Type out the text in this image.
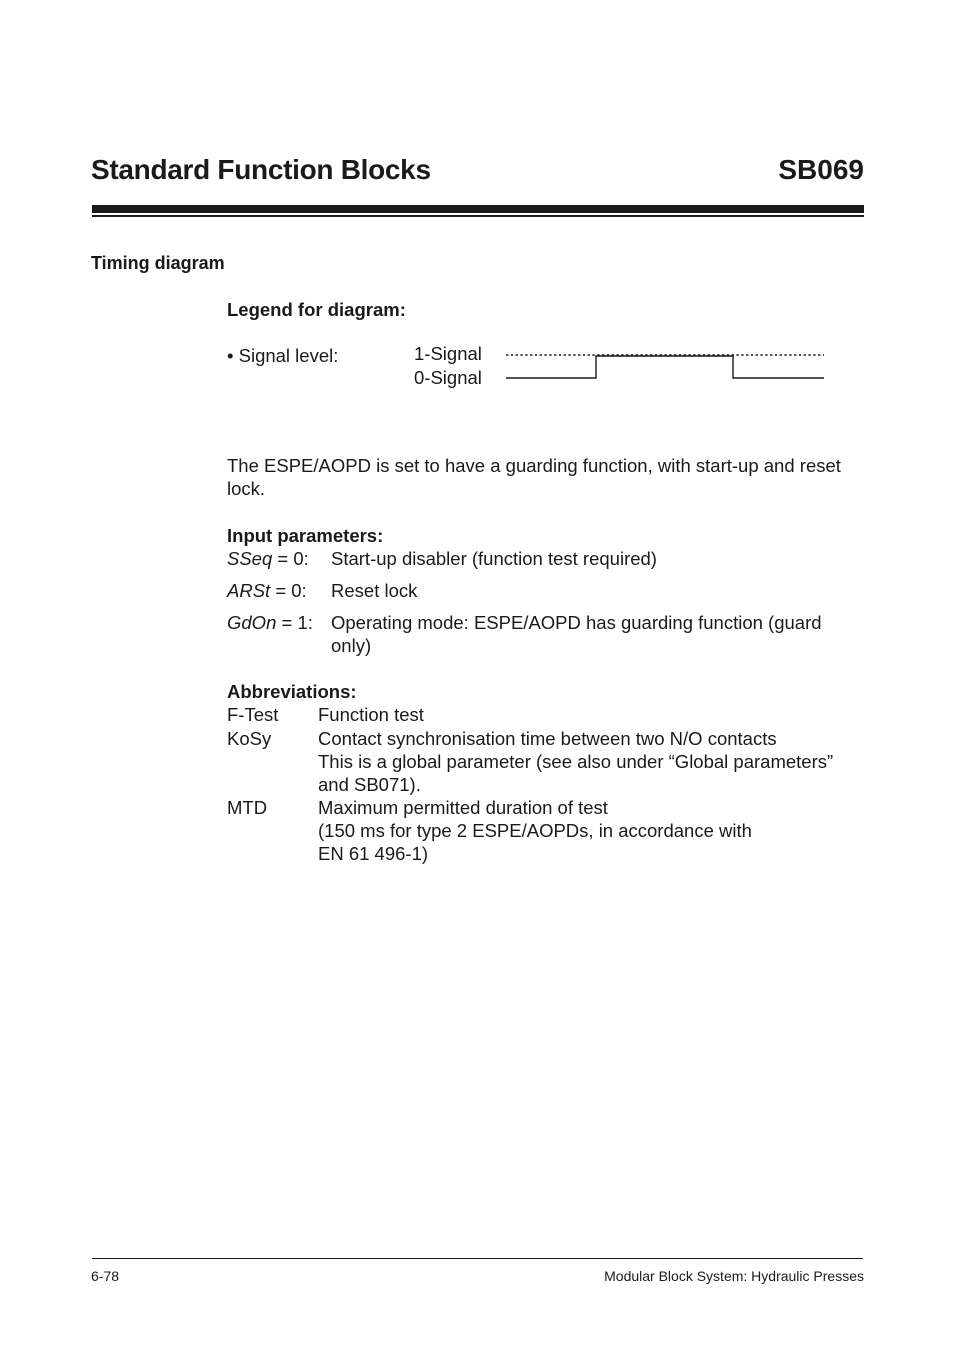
Standard Function Blocks	SB069
Timing diagram
Legend for diagram:
• Signal level:	1-Signal
0-Signal
The ESPE/AOPD is set to have a guarding function, with start-up and reset lock.
Input parameters:
SSeq = 0: Start-up disabler (function test required)
ARSt = 0: Reset lock
GdOn = 1: Operating mode: ESPE/AOPD has guarding function (guard only)
Abbreviations:
F-Test Function test
KoSy	Contact synchronisation time between two N/O contacts
This is a global parameter (see also under “Global parameters” and SB071).
MTD	Maximum permitted duration of test
(150 ms for type 2 ESPE/AOPDs, in accordance with
EN 61 496-1)
6-78	Modular Block System: Hydraulic Presses
